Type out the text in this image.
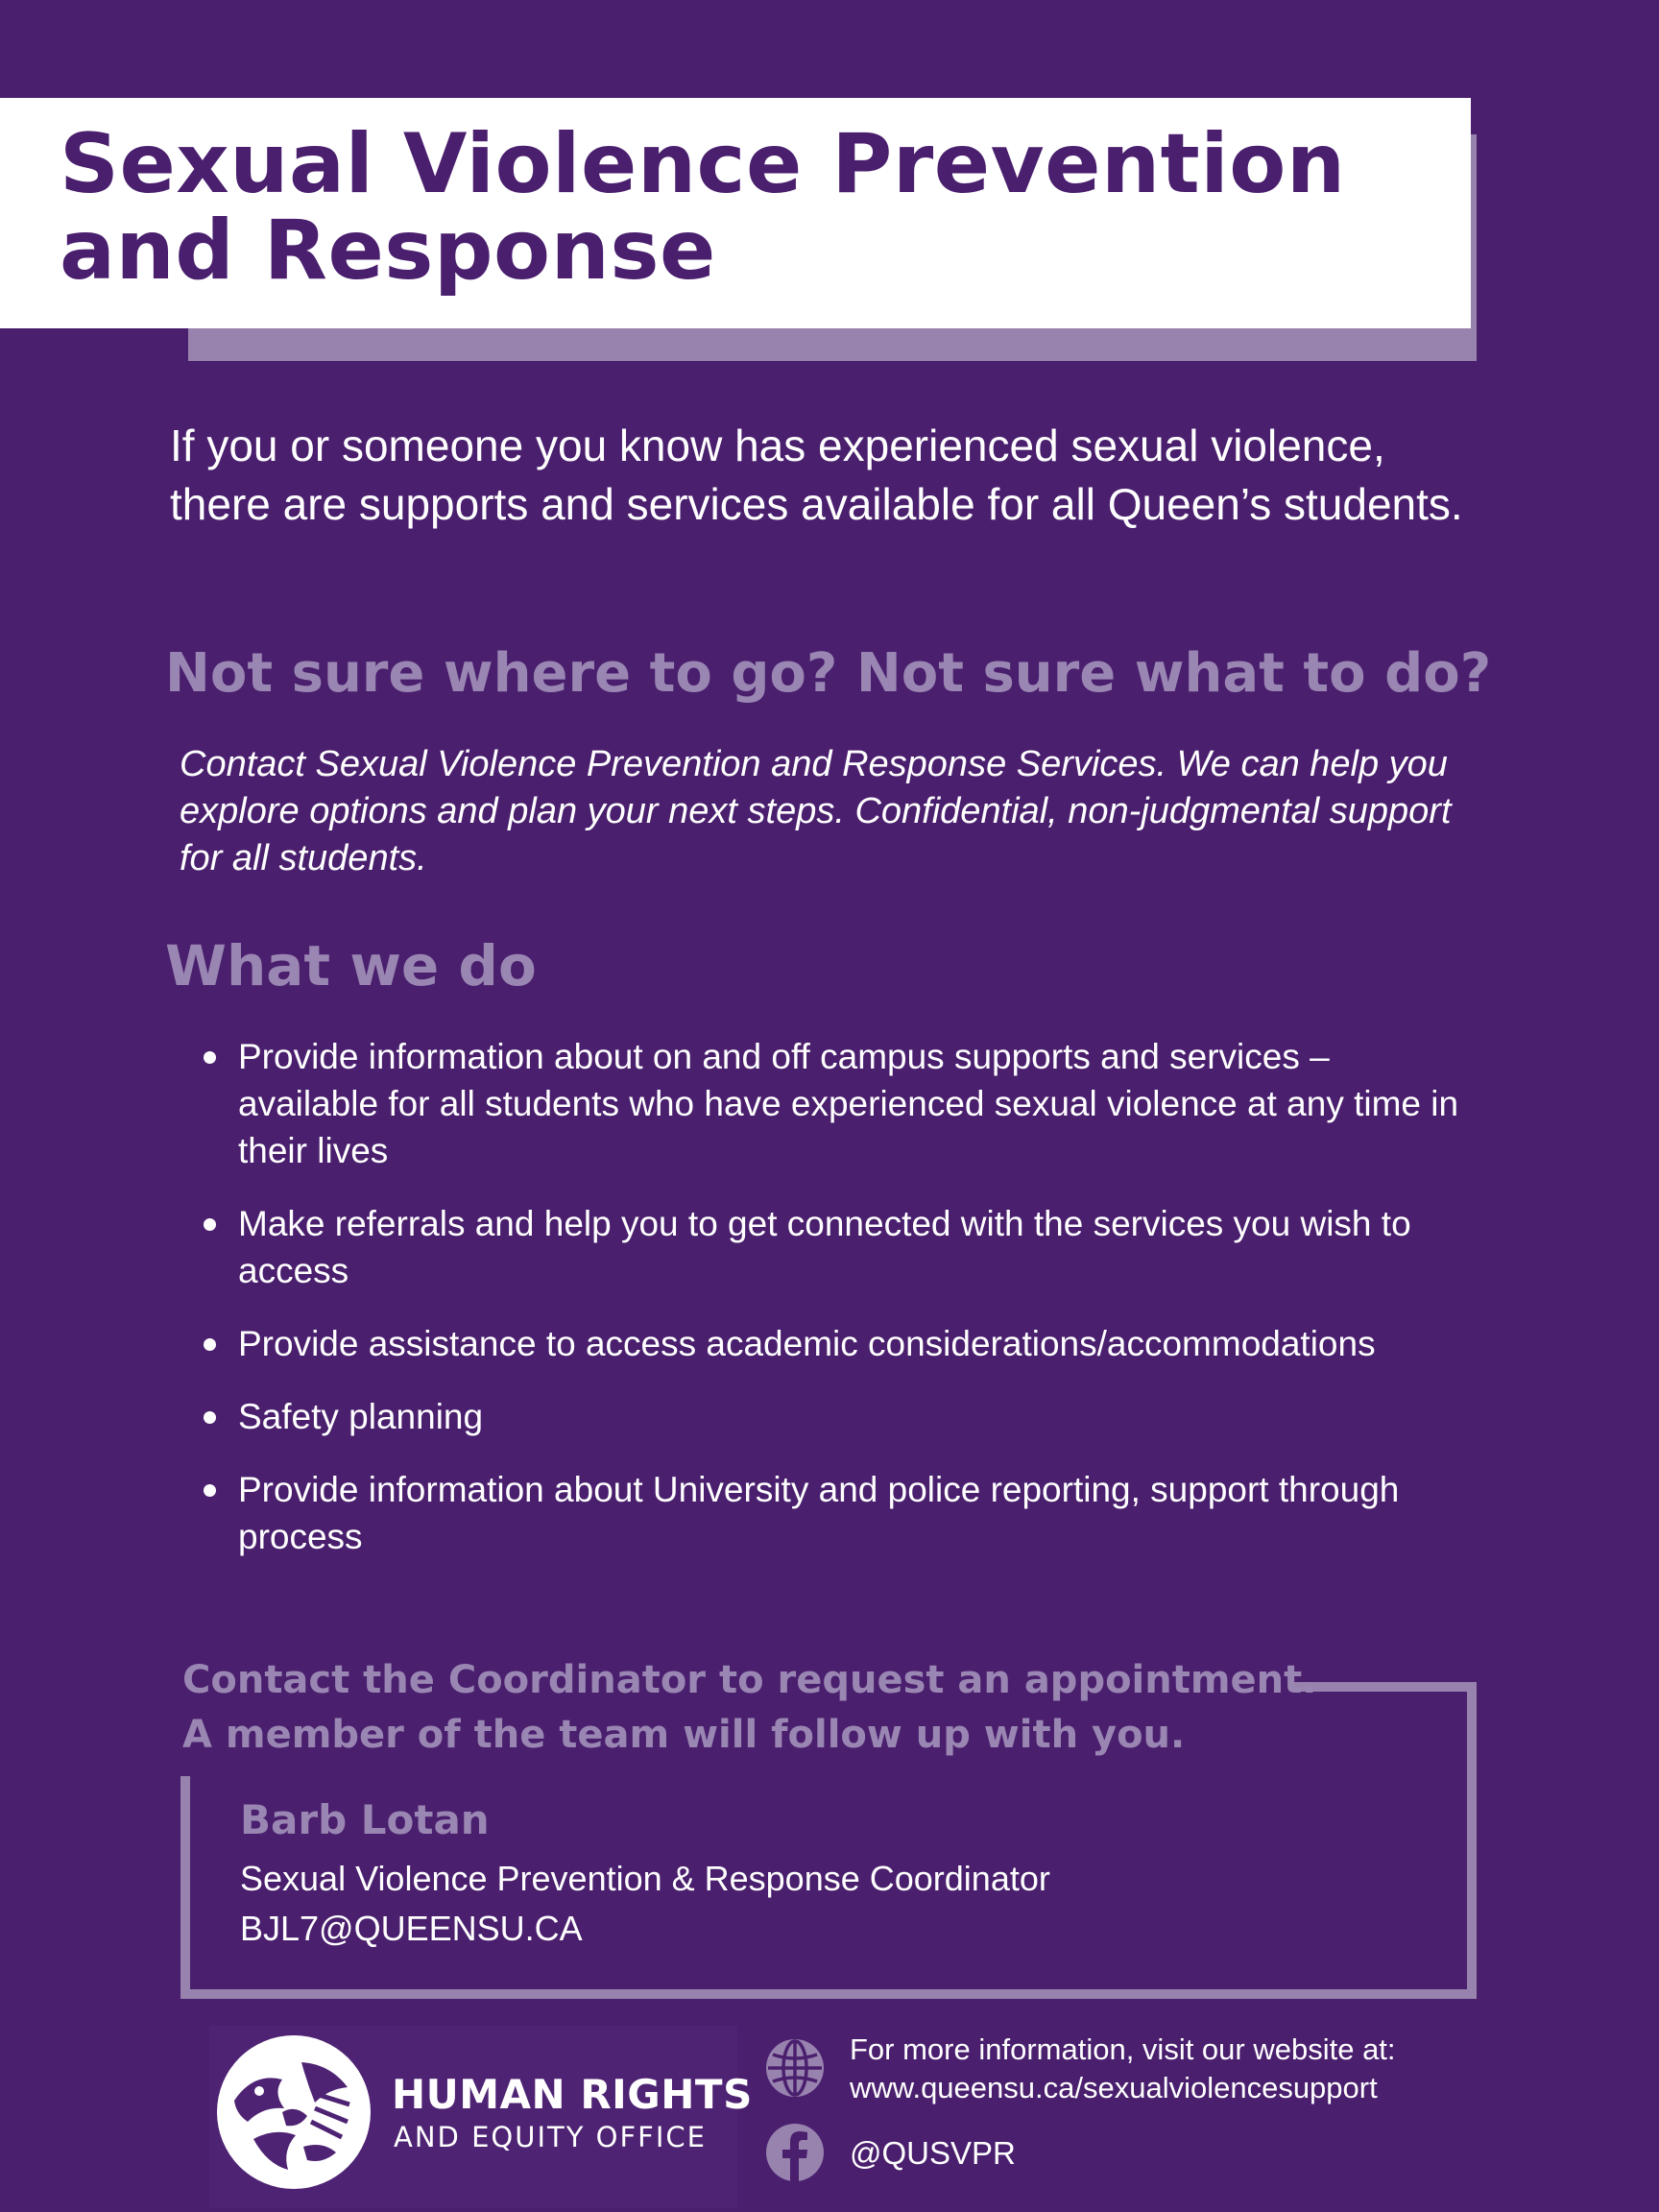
Sexual Violence Prevention
and Response

If you or someone you know has experienced sexual violence, there are supports and services available for all Queen’s students.

Not sure where to go? Not sure what to do?

Contact Sexual Violence Prevention and Response Services. We can help you explore options and plan your next steps. Confidential, non-judgmental support for all students.

What we do
Provide information about on and off campus supports and services – available for all students who have experienced sexual violence at any time in their lives
Make referrals and help you to get connected with the services you wish to access
Provide assistance to access academic considerations/accommodations
Safety planning
Provide information about University and police reporting, support through process

Contact the Coordinator to request an appointment.
A member of the team will follow up with you.

Barb Lotan

Sexual Violence Prevention & Response Coordinator

BJL7@QUEENSU.CA

HUMAN RIGHTS

AND EQUITY OFFICE

For more information, visit our website at:

www.queensu.ca/sexualviolencesupport

@QUSVPR
